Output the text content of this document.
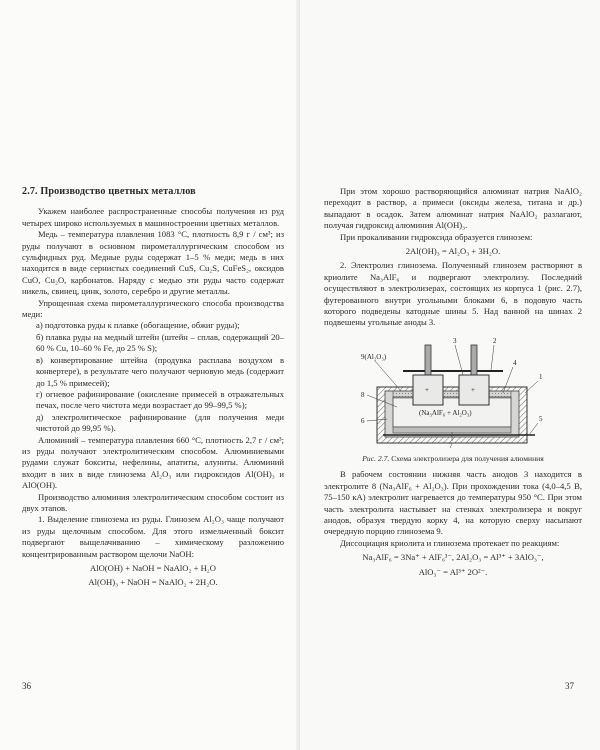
2.7. Производство цветных металлов

Укажем наиболее распространенные способы получения из руд четырех широко используемых в машиностроении цветных металлов.

Медь – температура плавления 1083 °С, плотность 8,9 г / см³; из руды получают в основном пирометаллургическим способом из сульфидных руд. Медные руды содержат 1–5 % меди; медь в них находится в виде сернистых соединений CuS, Cu₂S, CuFeS₂, оксидов CuO, Cu₂O, карбонатов. Наряду с медью эти руды часто содержат никель, свинец, цинк, золото, серебро и другие металлы.

Упрощенная схема пирометаллургического способа производства меди:

а) подготовка руды к плавке (обогащение, обжиг руды);

б) плавка руды на медный штейн (штейн – сплав, содержащий 20–60 % Cu, 10–60 % Fe, до 25 % S);

в) конвертирование штейна (продувка расплава воздухом в конвертере), в результате чего получают черновую медь (содержит до 1,5 % примесей);

г) огневое рафинирование (окисление примесей в отражательных печах, после чего чистота меди возрастает до 99–99,5 %);

д) электролитическое рафинирование (для получения меди чистотой до 99,95 %).

Алюминий – температура плавления 660 °С, плотность 2,7 г / см³; из руды получают электролитическим способом. Алюминиевыми рудами служат бокситы, нефелины, апатиты, алуниты. Алюминий входит в них в виде глинозема Al₂O₃ или гидроксидов Al(OH)₃ и AlO(OH).

Производство алюминия электролитическим способом состоит из двух этапов.

1. Выделение глинозема из руды. Глинозем Al₂O₃ чаще получают из руды щелочным способом. Для этого измельченный боксит подвергают выщелачиванию – химическому разложению концентрированным раствором щелочи NaOH:

AlO(OH) + NaOH = NaAlO₂ + H₂O
Al(OH)₃ + NaOH = NaAlO₂ + 2H₂O.
36

При этом хорошо растворяющийся алюминат натрия NaAlO₂ переходит в раствор, а примеси (оксиды железа, титана и др.) выпадают в осадок. Затем алюминат натрия NaAlO₂ разлагают, получая гидроксид алюминия Al(OH)₃.

При прокаливании гидроксида образуется глинозем:

2Al(OH)₃ = Al₂O₃ + 3H₂O.

2. Электролиз глинозема. Полученный глинозем растворяют в криолите Na₃AlF₆ и подвергают электролизу. Последний осуществляют в электролизерах, состоящих из корпуса 1 (рис. 2.7), футерованного внутри угольными блоками 6, в подовую часть которого подведены катодные шины 5. Над ванной на шинах 2 подвешены угольные аноды 3.

+	+
9(Al₂O₃)
3	2
4
1
8
5
6
7
(Na₃AlF₆ + Al₂O₃)

Рис. 2.7. Схема электролизера для получения алюминия

В рабочем состоянии нижняя часть анодов 3 находится в электролите 8 (Na₃AlF₆ + Al₂O₃). При прохождении тока (4,0–4,5 В, 75–150 кА) электролит нагревается до температуры 950 °С. При этом часть электролита настывает на стенках электролизера и вокруг анодов, образуя твердую корку 4, на которую сверху насыпают очередную порцию глинозема 9.

Диссоциация криолита и глинозема протекает по реакциям:

Na₃AlF₆ = 3Na⁺ + AlF₆³⁻, 2Al₂O₃ = Al³⁺ + 3AlO₃⁻,
AlO₃⁻ = Al³⁺ 2O²⁻.
37
